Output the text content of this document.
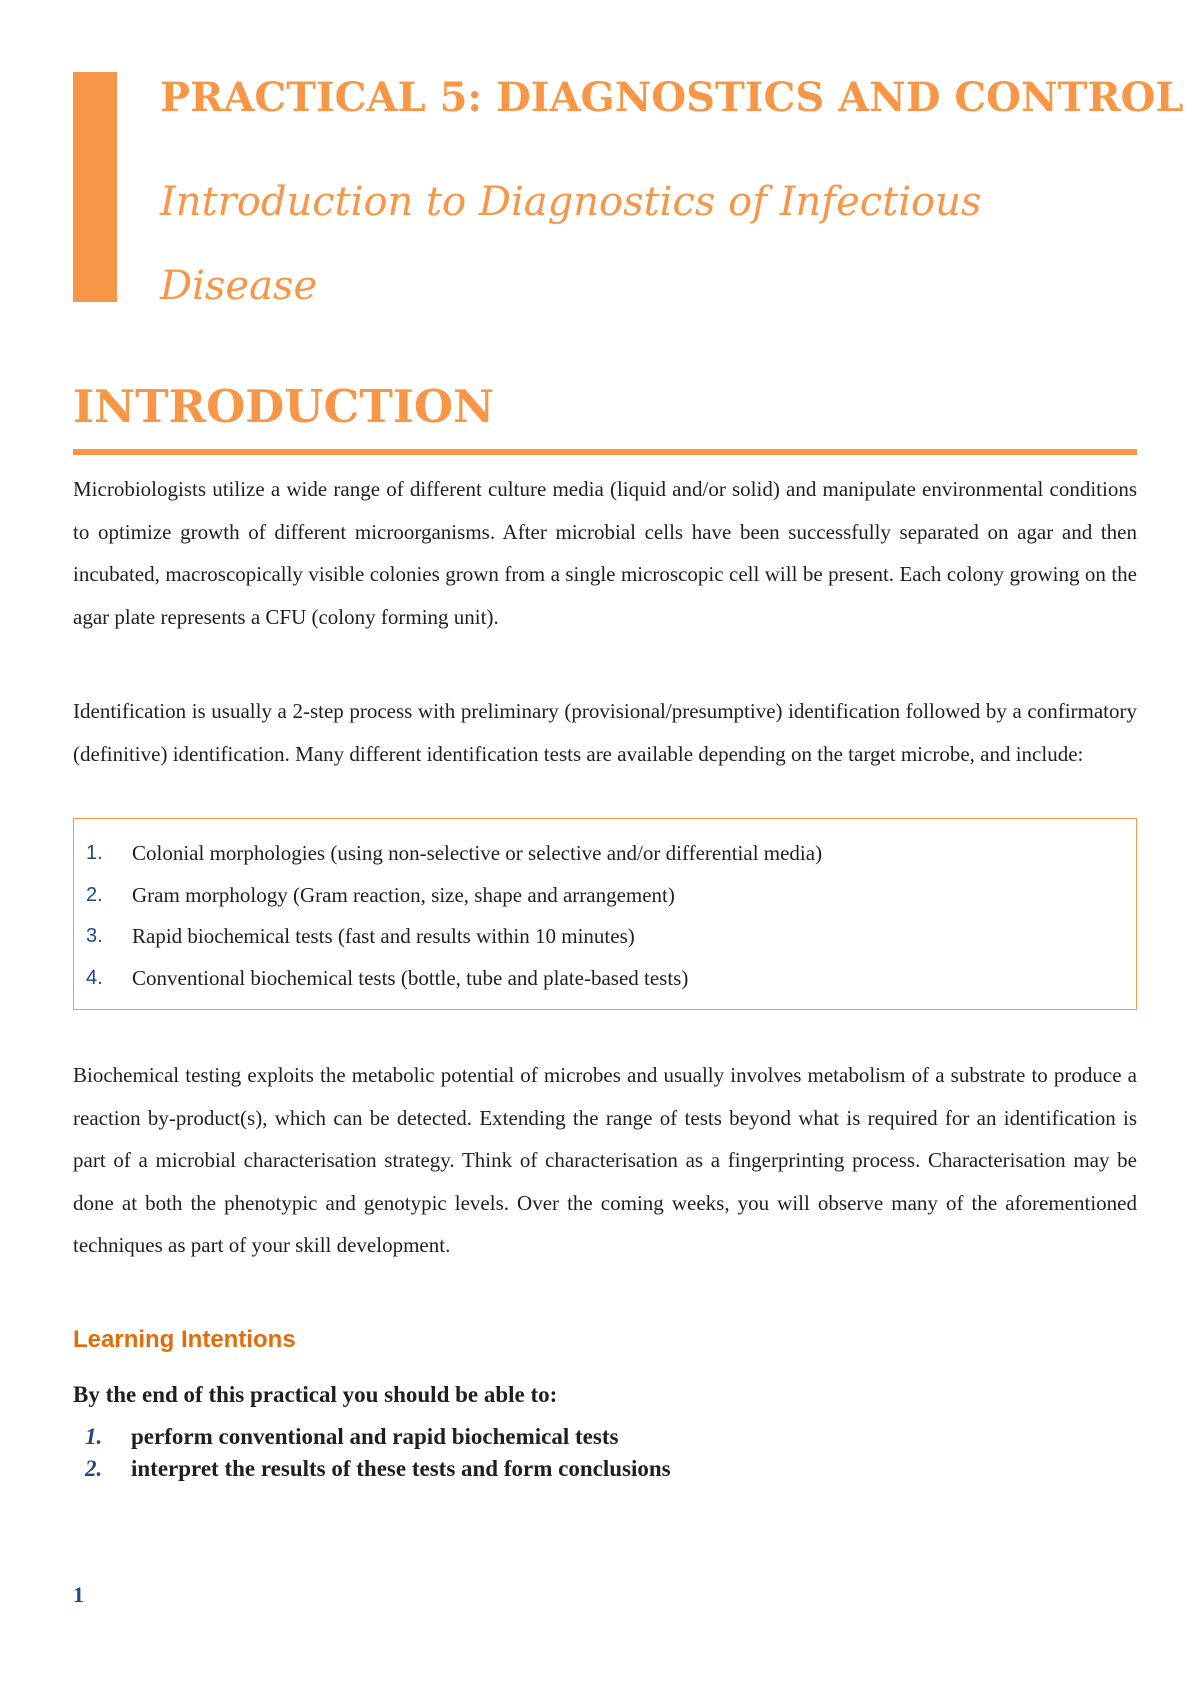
PRACTICAL 5: DIAGNOSTICS AND CONTROL
Introduction to Diagnostics of Infectious Disease
INTRODUCTION

Microbiologists utilize a wide range of different culture media (liquid and/or solid) and manipulate environmental conditions to optimize growth of different microorganisms. After microbial cells have been successfully separated on agar and then incubated, macroscopically visible colonies grown from a single microscopic cell will be present. Each colony growing on the agar plate represents a CFU (colony forming unit).

Identification is usually a 2-step process with preliminary (provisional/presumptive) identification followed by a confirmatory (definitive) identification. Many different identification tests are available depending on the target microbe, and include:

1. Colonial morphologies (using non-selective or selective and/or differential media)
2. Gram morphology (Gram reaction, size, shape and arrangement)
3. Rapid biochemical tests (fast and results within 10 minutes)
4. Conventional biochemical tests (bottle, tube and plate-based tests)

Biochemical testing exploits the metabolic potential of microbes and usually involves metabolism of a substrate to produce a reaction by-product(s), which can be detected. Extending the range of tests beyond what is required for an identification is part of a microbial characterisation strategy. Think of characterisation as a fingerprinting process. Characterisation may be done at both the phenotypic and genotypic levels. Over the coming weeks, you will observe many of the aforementioned techniques as part of your skill development.

Learning Intentions
By the end of this practical you should be able to:
1. perform conventional and rapid biochemical tests
2. interpret the results of these tests and form conclusions
1
